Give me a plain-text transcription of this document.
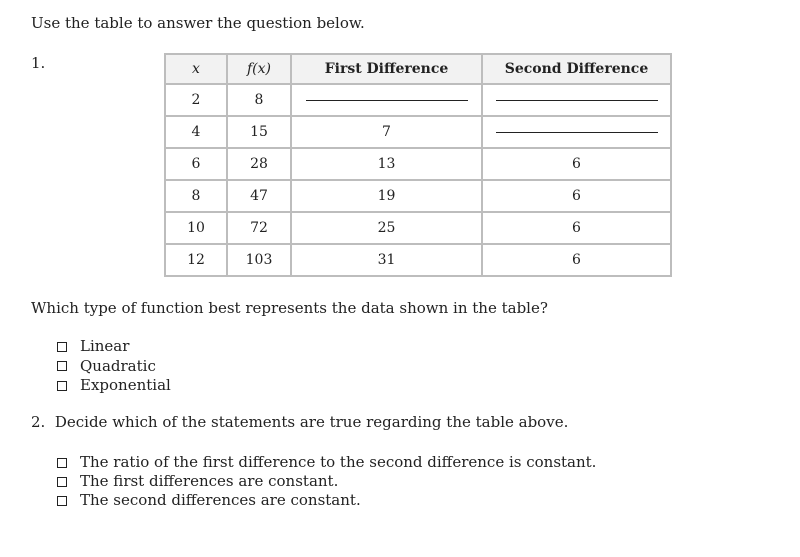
Use the table to answer the question below.
1.	x	f(x)	First Difference	Second Difference
2	8		
4	15	7	
6	28	13	6
8	47	19	6
10	72	25	6
12	103	31	6
Which type of function best represents the data shown in the table?
Linear
Quadratic
Exponential
2.  Decide which of the statements are true regarding the table above.
The ratio of the first difference to the second difference is constant.
The first differences are constant.
The second differences are constant.
